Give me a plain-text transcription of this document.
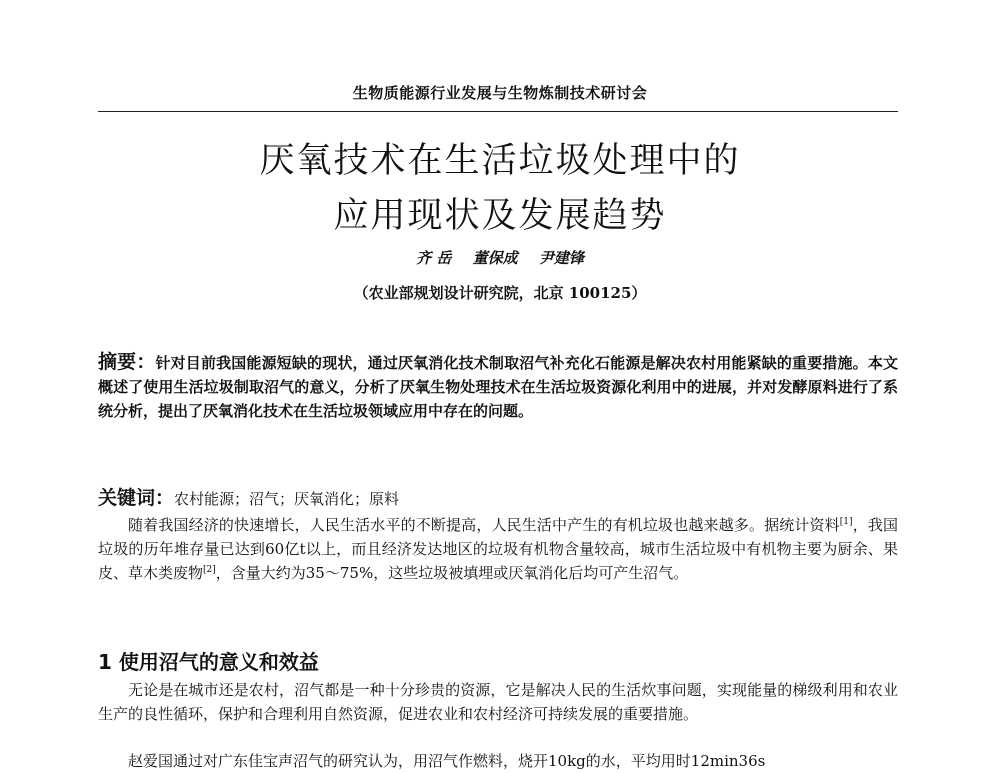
生物质能源行业发展与生物炼制技术研讨会
厌氧技术在生活垃圾处理中的
应用现状及发展趋势
齐 岳 董保成 尹建锋
（农业部规划设计研究院，北京 100125）
摘要：针对目前我国能源短缺的现状，通过厌氧消化技术制取沼气补充化石能源是解决农村用能紧缺的重要措施。本文概述了使用生活垃圾制取沼气的意义，分析了厌氧生物处理技术在生活垃圾资源化利用中的进展，并对发酵原料进行了系统分析，提出了厌氧消化技术在生活垃圾领域应用中存在的问题。
关键词：农村能源；沼气；厌氧消化；原料
随着我国经济的快速增长，人民生活水平的不断提高，人民生活中产生的有机垃圾也越来越多。据统计资料[1]，我国垃圾的历年堆存量已达到60亿t以上，而且经济发达地区的垃圾有机物含量较高，城市生活垃圾中有机物主要为厨余、果皮、草木类废物[2]，含量大约为35～75%，这些垃圾被填埋或厌氧消化后均可产生沼气。
1 使用沼气的意义和效益
无论是在城市还是农村，沼气都是一种十分珍贵的资源，它是解决人民的生活炊事问题，实现能量的梯级利用和农业生产的良性循环，保护和合理利用自然资源，促进农业和农村经济可持续发展的重要措施。
赵爱国通过对广东佳宝声沼气的研究认为，用沼气作燃料，烧开10kg的水，平均用时12min36s
